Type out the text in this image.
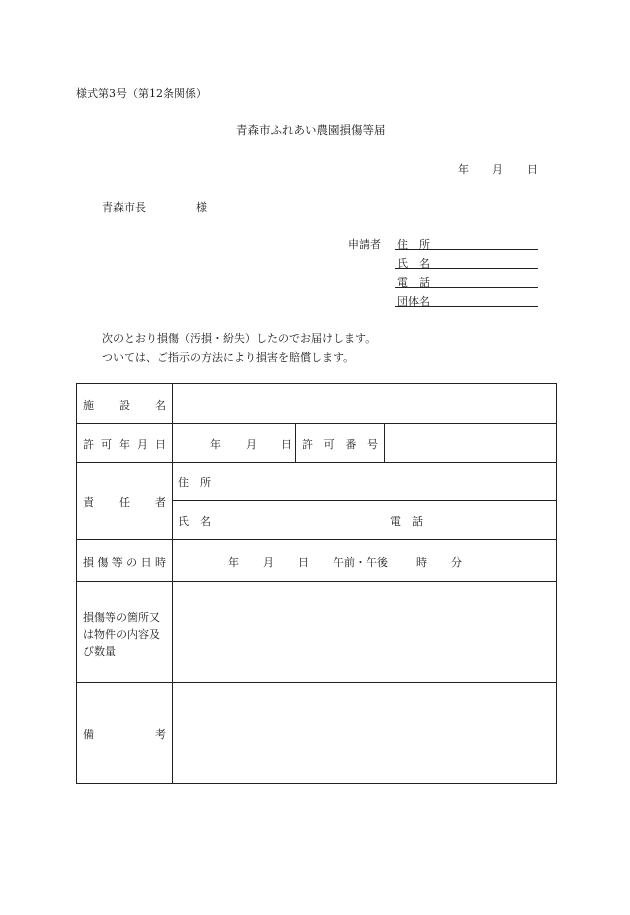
様式第3号（第12条関係）
青森市ふれあい農園損傷等届
年 月 日
青森市長	様
申請者 住　所
氏　名
電　話
団体名
次のとおり損傷（汚損・紛失）したのでお届けします。
ついては、ご指示の方法により損害を賠償します。
施 設 名
許 可 年 月 日	年 月 日 許 可 番 号
責 任 者
住　所
氏　名	電　話
損 傷 等 の 日 時	年 月 日 午前・午後	時 分
損傷等の箇所又
は物件の内容及
び数量
備	考
